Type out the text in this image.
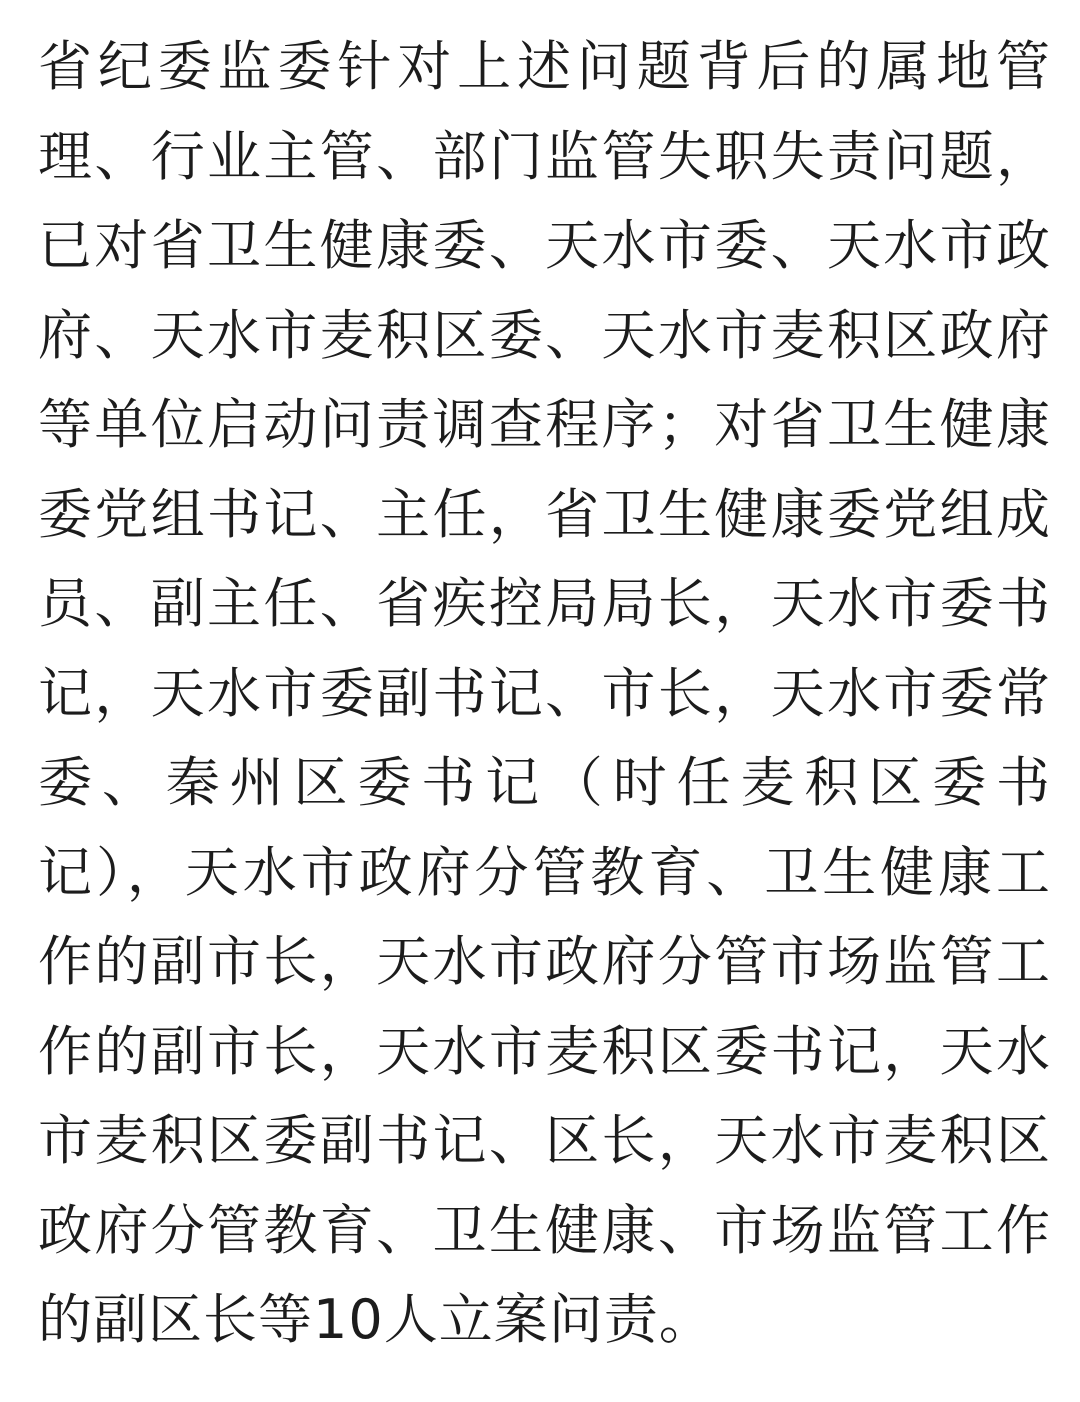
省纪委监委针对上述问题背后的属地管
理、行业主管、部门监管失职失责问题，
已对省卫生健康委、天水市委、天水市政
府、天水市麦积区委、天水市麦积区政府
等单位启动问责调查程序；对省卫生健康
委党组书记、主任，省卫生健康委党组成
员、副主任、省疾控局局长，天水市委书
记，天水市委副书记、市长，天水市委常
委、秦州区委书记（时任麦积区委书
记），天水市政府分管教育、卫生健康工
作的副市长，天水市政府分管市场监管工
作的副市长，天水市麦积区委书记，天水
市麦积区委副书记、区长，天水市麦积区
政府分管教育、卫生健康、市场监管工作
的副区长等10人立案问责。
